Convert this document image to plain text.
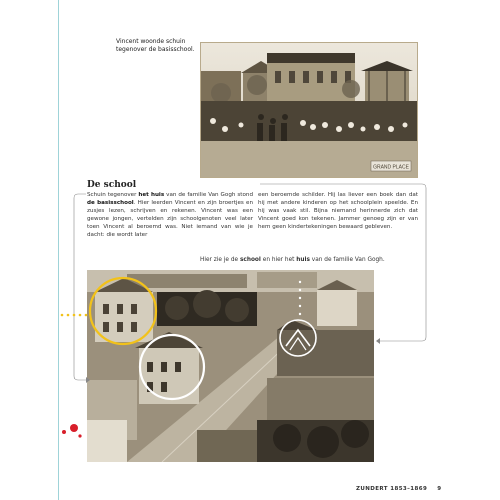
Vincent woonde schuin
tegenover de basisschool.
GRAND PLACE
De school

Schuin tegenover het huis van de familie Van Gogh stond de basisschool. Hier leerden Vincent en zijn broertjes en zusjes lezen, schrijven en rekenen. Vincent was een gewone jongen, vertelden zijn schoolgenoten veel later toen Vincent al beroemd was. Niet iemand van wie je dacht: die wordt later

een beroemde schilder. Hij las liever een boek dan dat hij met andere kinderen op het schoolplein speelde. En hij was vaak stil. Bijna niemand herinnerde zich dat Vincent goed kon tekenen. Jammer genoeg zijn er van hem geen kindertekeningen bewaard gebleven.

Hier zie je de school en hier het huis van de familie Van Gogh.
ZUNDERT 1853–1869 9
